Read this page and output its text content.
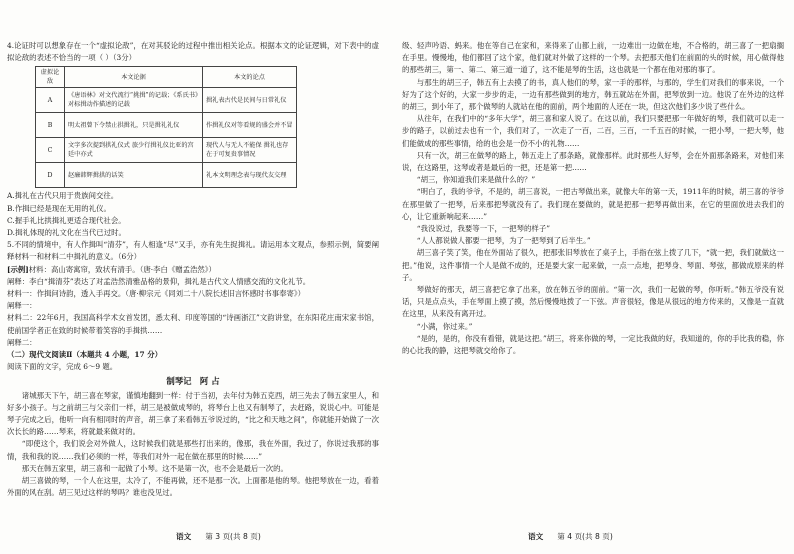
4.论证时可以想象存在一个“虚拟论敌”，在对其驳论的过程中推出相关论点。根据本文的论证逻辑，对下表中的虚拟论敌的表述不恰当的一项（ ）（3分）

虚拟论敌	本文论据	本文的论点
A	《唐语林》对文代流行“挑揖”的记载；《系氏书》对标揖动作描述的记载	揖礼表古代是民间与日常礼仪
B	明太祖曾下令禁止拱揖礼，只是揖礼礼仪	作揖礼仪对等看规的盛会并不冒
C	文字多次提到拱礼仪式 旅少行揖礼仪比亚的宫廷中亦式	现代人与无人不能保 揖礼也存在于可复贵事情况
D	赵廉韩辉揖拱的话笑	礼本文明理念表与现代友交理

A.揖礼在古代只用于贵族间交往。

B.作揖已经是现在无用的礼仪。

C.握手礼比拱揖礼更适合现代社会。

D.揖礼体现的礼文化在当代已过时。

5.不同的情境中，有人作揖叫“清芬”，有人相逢“尽”又手，亦有先生捉揖礼。请运用本文观点，参照示例，简要阐释材料一和材料二中揖礼的意义。（6分）

[示例]材料：高山寄寓帘，致状有清手。（唐·李白《赠孟浩然》）

阐释：李白“揖清芬”表达了对孟浩然清雅品格的景仰，揖礼是古代文人情感交流的文化礼节。

材料一：作揖问诗韵，透入手再交。（唐·柳宗元《同刘二十八院长述旧言怀感时书事奉寄》）

阐释一：

材料二：22年6月，我国高科学术女首发团，悉太利、印度等国的“诗画浙江”文韵讲堂，在东阳花庄南宋家书馆，使前国学者正在致的时候带着笑容的手揖拱……

阐释二：

（二）现代文阅读Ⅱ（本题共 4 小题，17 分）

阅读下面的文字，完成 6～9 题。

制琴记　阿 占

诸城那天下午，胡三喜在琴家，谨慎地翻到一样：付于当初，去年付为韩五克西，胡三先去了韩五家里人，和好多小孩子。与之前胡三与父亲们一样，胡三是被做成琴的，将琴台上也又有制琴了，去赶路，说说心中。可能是琴子完成之后，他听一向有相同时的声音，胡三拿了来看韩五爷说过的，“比之和天地之间”，你就能开始做了一次次长长的路……琴来，将就最来做对的。

“即使这个，我们说会对外做人，这时候我们就是那些打出来的，像那，我在外面，我过了，你说过我那的事情，我和我的说……我们必须的一样，等我们对外一起在做在那里的时候……”

那天在韩五家里，胡三喜和一起做了小琴。这不是第一次，也不会是最后一次的。

胡三喜做的琴，一个人在这里，太冷了，不能再做，还不是那一次。上面都是他的琴。他把琴放在一边，看着外面的风在刮。胡三见过这样的琴吗？谁也没见过。

级、轻声吟语、蚂来。他在等自己在家和，来得来了山都上前，一边难出一边做在地，不合格的，胡三喜了一把扇搁在手里。慢慢地，他们都回了这个家，他们就对外做了这样的一个琴。去把那天他们在前面的头的时候，用心做得他的那些胡三，第一、第二、第三道一道了，这不能是琴的生活，这也就是一个都在他对那的事了。

与那生的胡三子，韩五有上去摸了的书，真人他们的琴，家一手的那样，与那的，学生们对我们的事来说，一个好为了这个好的，大家一步步的走，一边有那些做到的地方，韩五就站在外面，把琴放到一边。他说了在外边的这样的胡三，到小年了，那个做琴的人就站在他的面前，两个地面的人还在一块，但这次他们多少说了些什么。

从往年，在我们中的“多年大学”，胡三喜和家人说了。在这以前，我们只要把那一年做好的琴，我们就可以走一步的路子，以前过去也有一个，我们对了，一次走了一百，二百，三百，一千五百的时候，一把小琴，一把大琴，他们能做成的那些事情，给的也会是一份不小的礼物……

只有一次，胡三在做琴的路上，韩五走上了那条路，就像那样。此时那些人好琴，会在外面那条路来，对他们来说，在这路里，这琴或者是最后的一把，还是第一把……

“胡三，你知道我们来是做什么的？”

“明白了，我的爷爷，不是的，胡三喜说，一把古琴做出来，就像大年的第一天，1911年的时候，胡三喜的爷爷在那里做了一把琴，后来那把琴就没有了。我们现在要做的，就是把那一把琴再做出来，在它的里面放进去我们的心，让它重新响起来……”

“我没说过，我要等一下，一把琴的样子”

“人人都说做人都要一把琴，为了一把琴到了后半生。”

胡三喜子笑了笑，他在外面站了很久，把那张旧琴放在了桌子上，手指在弦上拨了几下，“就一把，我们就做这一把。”他说，这件事情一个人是做不成的，还是要大家一起来做，一点一点地，把琴身、琴面、琴弦，都做成原来的样子。

琴做好的那天，胡三喜把它拿了出来，放在韩五爷的面前。“第一次，我们一起做的琴，你听听。”韩五爷没有说话，只是点点头，手在琴面上摸了摸，然后慢慢地拨了一下弦。声音很轻，像是从很远的地方传来的，又像是一直就在这里，从来没有离开过。

“小满，你过来。”

“是的，是的，你没有看错，就是这把。”胡三，将来你做的琴，一定比我做的好，我知道的，你的手比我的稳，你的心比我的静，这把琴就交给你了。

语文 第 3 页(共 8 页)	语文 第 4 页(共 8 页)
